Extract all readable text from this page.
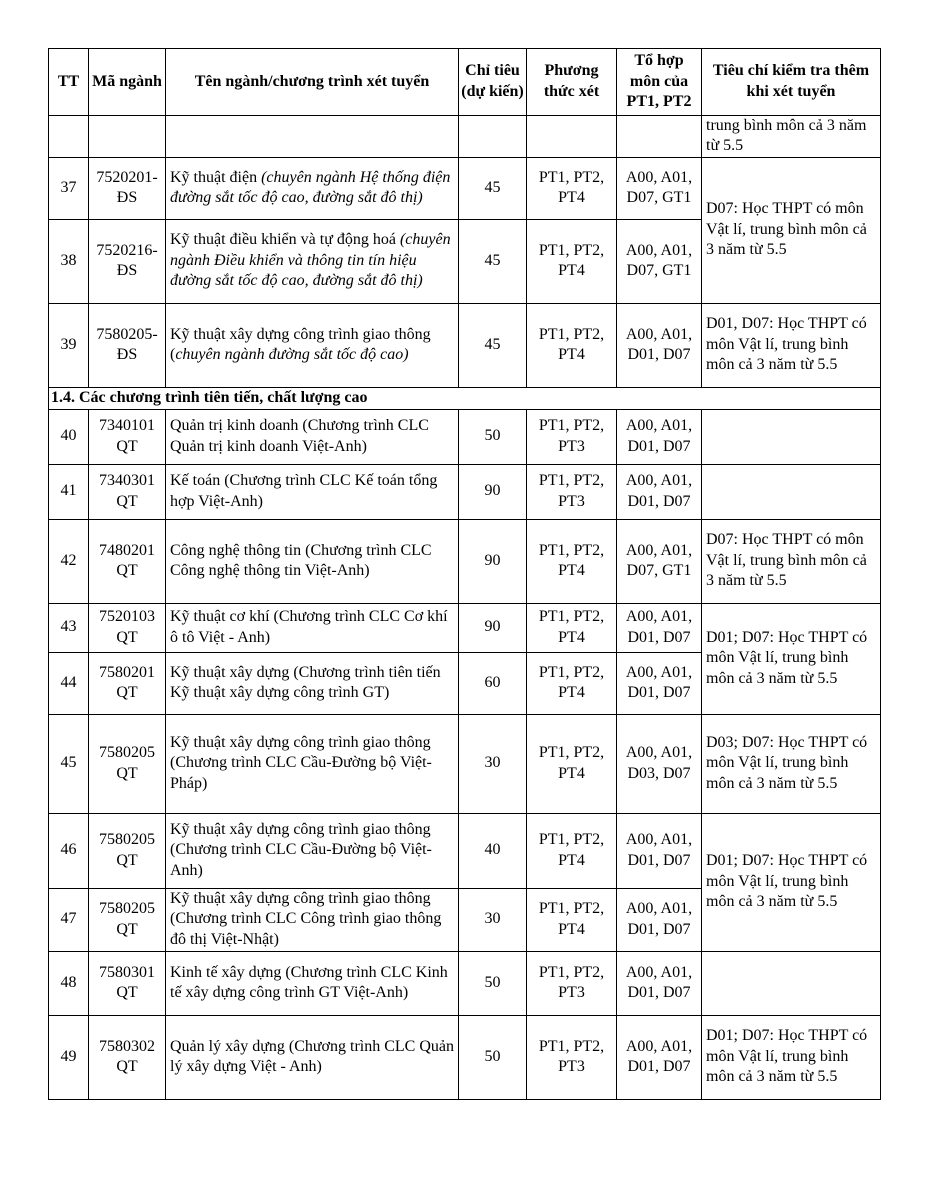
TT	Mã ngành	Tên ngành/chương trình xét tuyển	Chỉ tiêu (dự kiến)	Phương thức xét	Tổ hợp môn của PT1, PT2	Tiêu chí kiểm tra thêm khi xét tuyển
						trung bình môn cả 3 năm từ 5.5
37	7520201-ĐS	Kỹ thuật điện (chuyên ngành Hệ thống điện đường sắt tốc độ cao, đường sắt đô thị)	45	PT1, PT2, PT4	A00, A01, D07, GT1	D07: Học THPT có môn Vật lí, trung bình môn cả 3 năm từ 5.5
38	7520216-ĐS	Kỹ thuật điều khiển và tự động hoá (chuyên ngành Điều khiển và thông tin tín hiệu đường sắt tốc độ cao, đường sắt đô thị)	45	PT1, PT2, PT4	A00, A01, D07, GT1	
39	7580205-ĐS	Kỹ thuật xây dựng công trình giao thông (chuyên ngành đường sắt tốc độ cao)	45	PT1, PT2, PT4	A00, A01, D01, D07	D01, D07: Học THPT có môn Vật lí, trung bình môn cả 3 năm từ 5.5
1.4. Các chương trình tiên tiến, chất lượng cao						
40	7340101 QT	Quản trị kinh doanh (Chương trình CLC Quản trị kinh doanh Việt-Anh)	50	PT1, PT2, PT3	A00, A01, D01, D07	
41	7340301 QT	Kế toán (Chương trình CLC Kế toán tổng hợp Việt-Anh)	90	PT1, PT2, PT3	A00, A01, D01, D07	
42	7480201 QT	Công nghệ thông tin (Chương trình CLC Công nghệ thông tin Việt-Anh)	90	PT1, PT2, PT4	A00, A01, D07, GT1	D07: Học THPT có môn Vật lí, trung bình môn cả 3 năm từ 5.5
43	7520103 QT	Kỹ thuật cơ khí (Chương trình CLC Cơ khí ô tô Việt - Anh)	90	PT1, PT2, PT4	A00, A01, D01, D07	D01; D07: Học THPT có môn Vật lí, trung bình môn cả 3 năm từ 5.5
44	7580201 QT	Kỹ thuật xây dựng (Chương trình tiên tiến Kỹ thuật xây dựng công trình GT)	60	PT1, PT2, PT4	A00, A01, D01, D07	
45	7580205 QT	Kỹ thuật xây dựng công trình giao thông (Chương trình CLC Cầu-Đường bộ Việt-Pháp)	30	PT1, PT2, PT4	A00, A01, D03, D07	D03; D07: Học THPT có môn Vật lí, trung bình môn cả 3 năm từ 5.5
46	7580205 QT	Kỹ thuật xây dựng công trình giao thông (Chương trình CLC Cầu-Đường bộ Việt-Anh)	40	PT1, PT2, PT4	A00, A01, D01, D07	D01; D07: Học THPT có môn Vật lí, trung bình môn cả 3 năm từ 5.5
47	7580205 QT	Kỹ thuật xây dựng công trình giao thông (Chương trình CLC Công trình giao thông đô thị Việt-Nhật)	30	PT1, PT2, PT4	A00, A01, D01, D07	
48	7580301 QT	Kinh tế xây dựng (Chương trình CLC Kinh tế xây dựng công trình GT Việt-Anh)	50	PT1, PT2, PT3	A00, A01, D01, D07	
49	7580302 QT	Quản lý xây dựng (Chương trình CLC Quản lý xây dựng Việt - Anh)	50	PT1, PT2, PT3	A00, A01, D01, D07	D01; D07: Học THPT có môn Vật lí, trung bình môn cả 3 năm từ 5.5
